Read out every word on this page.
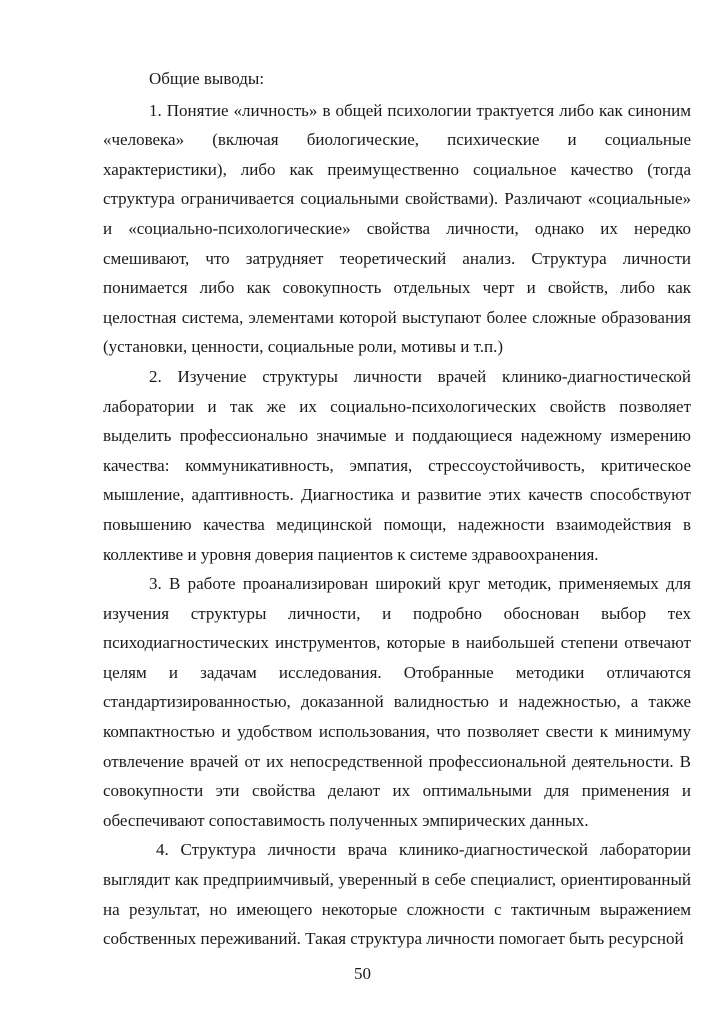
Общие выводы:

1. Понятие «личность» в общей психологии трактуется либо как синоним «человека» (включая биологические, психические и социальные характеристики), либо как преимущественно социальное качество (тогда структура ограничивается социальными свойствами). Различают «социальные» и «социально-психологические» свойства личности, однако их нередко смешивают, что затрудняет теоретический анализ. Структура личности понимается либо как совокупность отдельных черт и свойств, либо как целостная система, элементами которой выступают более сложные образования (установки, ценности, социальные роли, мотивы и т.п.)

2. Изучение структуры личности врачей клинико-диагностической лаборатории и так же их социально-психологических свойств позволяет выделить профессионально значимые и поддающиеся надежному измерению качества: коммуникативность, эмпатия, стрессоустойчивость, критическое мышление, адаптивность. Диагностика и развитие этих качеств способствуют повышению качества медицинской помощи, надежности взаимодействия в коллективе и уровня доверия пациентов к системе здравоохранения.

3. В работе проанализирован широкий круг методик, применяемых для изучения структуры личности, и подробно обоснован выбор тех психодиагностических инструментов, которые в наибольшей степени отвечают целям и задачам исследования. Отобранные методики отличаются стандартизированностью, доказанной валидностью и надежностью, а также компактностью и удобством использования, что позволяет свести к минимуму отвлечение врачей от их непосредственной профессиональной деятельности. В совокупности эти свойства делают их оптимальными для применения и обеспечивают сопоставимость полученных эмпирических данных.

4. Структура личности врача клинико-диагностической лаборатории выглядит как предприимчивый, уверенный в себе специалист, ориентированный на результат, но имеющего некоторые сложности с тактичным выражением собственных переживаний. Такая структура личности помогает быть ресурсной

50
